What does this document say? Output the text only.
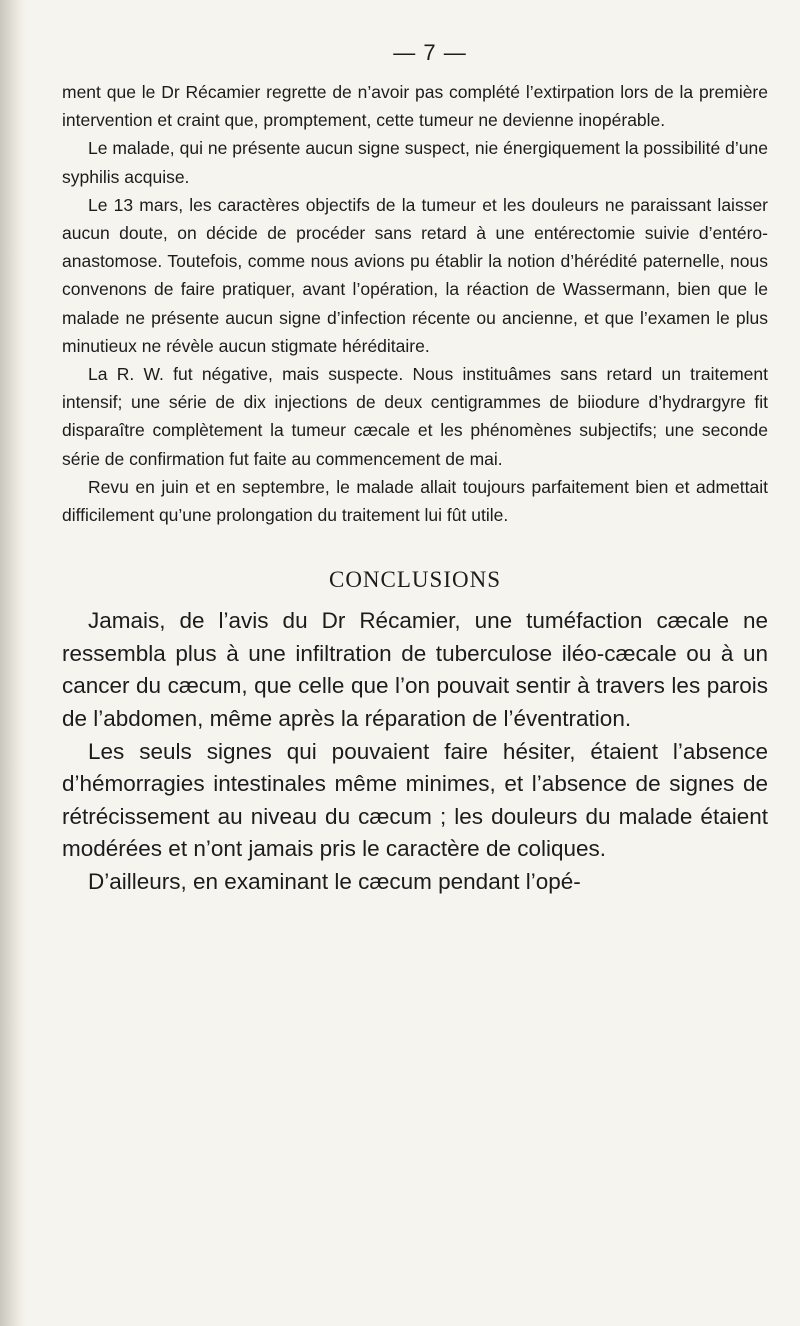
— 7 —

ment que le Dr Récamier regrette de n’avoir pas complété l’extirpation lors de la première intervention et craint que, promptement, cette tumeur ne devienne inopérable.

Le malade, qui ne présente aucun signe suspect, nie énergiquement la possibilité d’une syphilis acquise.

Le 13 mars, les caractères objectifs de la tumeur et les douleurs ne paraissant laisser aucun doute, on décide de procéder sans retard à une entérectomie suivie d’entéro-anastomose. Toutefois, comme nous avions pu établir la notion d’hérédité paternelle, nous convenons de faire pratiquer, avant l’opération, la réaction de Wassermann, bien que le malade ne présente aucun signe d’infection récente ou ancienne, et que l’examen le plus minutieux ne révèle aucun stigmate héréditaire.

La R. W. fut négative, mais suspecte. Nous instituâmes sans retard un traitement intensif; une série de dix injections de deux centigrammes de biiodure d’hydrargyre fit disparaître complètement la tumeur cæcale et les phénomènes subjectifs; une seconde série de confirmation fut faite au commencement de mai.

Revu en juin et en septembre, le malade allait toujours parfaitement bien et admettait difficilement qu’une prolongation du traitement lui fût utile.

CONCLUSIONS

Jamais, de l’avis du Dr Récamier, une tuméfaction cæcale ne ressembla plus à une infiltration de tuberculose iléo-cæcale ou à un cancer du cæcum, que celle que l’on pouvait sentir à travers les parois de l’abdomen, même après la réparation de l’éventration.

Les seuls signes qui pouvaient faire hésiter, étaient l’absence d’hémorragies intestinales même minimes, et l’absence de signes de rétrécissement au niveau du cæcum ; les douleurs du malade étaient modérées et n’ont jamais pris le caractère de coliques.

D’ailleurs, en examinant le cæcum pendant l’opé-
